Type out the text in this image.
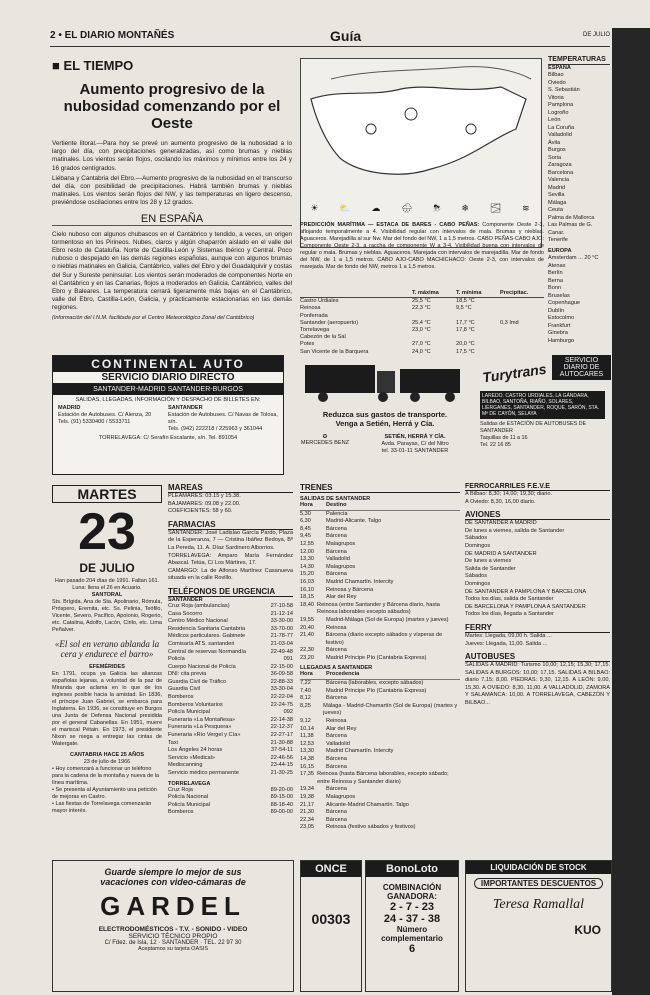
2 • EL DIARIO MONTAÑÉS	Guía	DE JULIO
■ EL TIEMPO
Aumento progresivo de la nubosidad comenzando por el Oeste

Vertiente litoral.—Para hoy se prevé un aumento progresivo de la nubosidad a lo largo del día, con precipitaciones generalizadas, así como brumas y nieblas matinales. Los vientos serán flojos, oscilando los máximos y mínimos entre los 24 y 16 grados centígrados.

Liébana y Cantabria del Ebro.—Aumento progresivo de la nubosidad en el transcurso del día, con posibilidad de precipitaciones. Habrá también brumas y nieblas matinales. Los vientos serán flojos del NW, y las temperaturas en ligero descenso, previéndose oscilaciones entre los 28 y 12 grados.

EN ESPAÑA

Cielo nuboso con algunos chubascos en el Cantábrico y tendido, a veces, un origen tormentoso en los Pirineos. Nubes, claros y algún chaparrón aislado en el valle del Ebro resto de Cataluña. Norte de Castilla-León y Sistemas Ibérico y Central. Poco nuboso o despejado en las demás regiones españolas, aunque con algunos brumas o nieblas matinales en Galicia, Cantábrico, valles del Ebro y del Guadalquivir y costas del Sur y Sureste peninsular. Los vientos serán moderados de componentes Norte en el Cantábrico y en las Canarias, flojos a moderados en Galicia, Cantábrico, valles del Ebro y Baleares. La temperatura cerrará ligeramente más bajas en el Cantábrico, valle del Ebro, Castilla-León, Galicia, y prácticamente estacionarias en las demás regiones.

(Información del I.N.M. facilitada por el Centro Meteorológico Zonal del Cantábrico)
☀ ⛅ ☁ 🌧 ⛈ ❄ 🌫 ≋
PREDICCIÓN MARÍTIMA — ESTACA DE BARES - CABO PEÑAS: Componente Oeste 2-3, aflojando temporalmente a 4. Visibilidad regular con intervalos de mala. Brumas y nieblas. Aguaceros. Marejadilla al sur Nw. Mar del fondo del NW, 1 a 1,5 metros. CABO PEÑAS-CABO AJO: Componente Oeste 2-3, a raccha de componente W a 3-4. Visibilidad buena con intervalos de regular o mala. Brumas y nieblas. Aguaceros. Marejada con intervalos de marejadilla. Mar de fondo del NW, de 1 a 1,5 metros. CABO AJO-CABO MACHICHACO: Oeste 2-3, con intervalos de marejada. Mar de fondo del NW, metros 1 a 1,5 metros.
T. máxima	T. mínima	Precipitac.
Castro Urdiales	25,5 °C	18,5 °C
Reinosa	22,3 °C	9,5 °C
Ponferrada
Santander (aeropuerto)	25,4 °C	17,7 °C	0,3 Imd
Torrelavega	23,0 °C	17,8 °C
Cabezón de la Sal
Potes	27,0 °C	20,0 °C
San Vicente de la Barquera	24,0 °C	17,5 °C
TEMPERATURAS
ESPAÑA
Bilbao
Oviedo
S. Sebastián
Vitoria
Pamplona
Logroño
León
La Coruña
Valladolid
Ávila
Burgos
Soria
Zaragoza
Barcelona
Valencia
Madrid
Sevilla
Málaga
Ceuta
Palma de Mallorca
Las Palmas de G. Canar.
Tenerife
EUROPA
Amsterdam ... 20 °C
Atenas
Berlín
Berna
Bonn
Bruselas
Copenhague
Dublín
Estocolmo
Frankfurt
Ginebra
Hamburgo
CONTINENTAL AUTO
SERVICIO DIARIO DIRECTO
SANTANDER-MADRID SANTANDER-BURGOS
SALIDAS, LLEGADAS, INFORMACIÓN Y DESPACHO DE BILLETES EN:
MADRID
Estación de Autobuses. C/ Alenza, 20
Tels. (91) 5330400 / 5533711
SANTANDER
Estación de Autobuses. C/ Navas de Tolosa, s/n.
Tels. (942) 222218 / 225963 y 361044
TORRELAVEGA: C/ Serafín Escalante, s/n. Tel. 891054
Reduzca sus gastos de transporte.
Venga a Setién, Herrá y Cía.
✪
MERCEDES BENZ
SETIÉN, HERRÁ Y CÍA.
Avda. Parayas, C/ del Nitro
tel. 33-01-11 SANTANDER
Turytrans
SERVICIO DIARIO DE AUTOCARES
LAREDO. CASTRO URDIALES, LA GÁNDARA, BILBAO, SANTOÑA, RIAÑO, SOLARES, LIÉRGANES, SANTANDER, ROQUE, SARÓN, STA. Mª DE CAYÓN, SELAYA
Salidas de ESTACIÓN DE AUTOBUSES DE SANTANDER
Taquillas de 11 a 16
Tel. 22 16 85
MARTES
23
DE JULIO
Han pasado 204 días de 1991. Faltan 161. Luna: llena el 26 en Acuario.
SANTORAL
Sts. Brígida, Ana de Sta. Apolinario, Rómula, Próspero, Eremita, etc. Ss. Pelinia, Teófilo, Vicente, Severo, Pacífico, Apolonio, Rogerio, etc. Catalina, Adolfo, Lacón, Cirilo, etc. Lima Peñalver.
«El sol en verano ablanda la cera y endurece el barro»
EFEMÉRIDES
En 1791, ocupa ya Galicia las alianzas españolas lejanas, a voluntad de la paz de Miranda que aclama en lo que de los ingleses posible hacia la amistad. En 1836, el príncipe Juan Gabriel, se embarca para Inglaterra. En 1936, se constituye en Burgos una Junta de Defensa Nacional presidida por el general Cabanellas. En 1951, muere el mariscal Pétain. En 1973, el presidente Nixon se niega a entregar las cintas de Watergate.
CANTABRIA HACE 25 AÑOS
23 de julio de 1966
• Hoy comenzará a funcionar un teléfono para la cadena de la montaña y nueva de la línea marítima.
• Se presenta al Ayuntamiento una petición de mejoras en Castro.
• Las fiestas de Torrelavega comenzarán mayor interés.
MAREAS
PLEAMARES: 03.15 y 15.38.
BAJAMARES: 09.08 y 22.00.
COEFICIENTES: 58 y 60.
FARMACIAS
SANTANDER: José Ladislao García Pardo, Plaza de la Esperanza, 7 — Cristina Ibáñez Bedoya, Bº La Pereda, 11. A. Díaz Sardinero Alborrios.
TORRELAVEGA: Amparo María Fernández Abascal. Tetúa, C/ Los Mártires, 17.
CAMARGO: La de Alfonso Martínez Casanueva situada en la calle Rovillo.
TELÉFONOS DE URGENCIA
SANTANDER
Cruz Roja (ambulancias)	27-10-58
Casa Socorro	21-12-14
Centro Médico Nacional	33-30-00
Residencia Sanitaria Cantabria	33-70-00
Médicos particulares. Gabinete	21-78-77
Comisaría ATS. santanderi	21-03-04
Central de reservas Normandía	22-49-48
Policía	091
Cuerpo Nacional de Policía	22-15-00
DNI: cita previa	36-09-58
Guardia Civil de Tráfico	22-88-33
Guardia Civil	33-30-04
Bomberos	22-22-04
Bomberos Voluntarios	22-24-75
Policía Municipal	092
Funeraria «La Montañesa»	22-14-38
Funeraria «La Pesquera»	22-12-37
Funeraria «Río Vergel y Cía»	22-27-17
Taxi	21-30-88
Los Ángeles 24 horas	37-54-11
Servicio «Medical»	22-46-56
Mediscanning	23-44-15
Servicio médico permanente	21-30-25
TORRELAVEGA
Cruz Roja	89-20-00
Policía Nacional	89-15-00
Policía Municipal	88-18-40
Bomberos	89-00-00
TRENES
SALIDAS DE SANTANDER
Hora	Destino
5,30	Palencia
6,30	Madrid-Alicante. Talgo
8,45	Bárcena
9,45	Bárcena
12,55	Malagrupos
12,00	Bárcena
13,30	Valladolid
14,30	Malagrupos
15,20	Bárcena
16,03	Madrid Chamartín. Intercity
16,10	Reinosa y Bárcena
18,15	Alar del Rey
18,40 Reinosa (entre Santander y Bárcena diario, hasta Reinosa laborables excepto sábados)
19,55	Madrid-Málaga (Sol de Europa) (martes y jueves)
20,40	Reinosa
21,40	Bárcena (diario excepto sábados y vísperas de festivo)
22,30	Bárcena
23,20	Madrid Príncipe Pío (Cantabria Express)
LLEGADAS A SANTANDER
Hora	Procedencia
7,22	Bárcena (laborables, excepto sábados)
7,40	Madrid Príncipe Pío (Cantabria Express)
8,12	Bárcena
8,25	Málaga - Madrid-Chamartín (Sol de Europa) (martes y jueves)
9,12	Reinosa
10,14	Alar del Rey
11,38	Bárcena
12,53	Valladolid
13,30	Madrid Chamartín. Intercity
14,38	Bárcena
16,15	Bárcena
17,35 Reinosa (hasta Bárcena laborables, excepto sábado; entre Reinosa y Santander diario)
19,34	Bárcena
19,38	Malagrupos
21,17	Alicante-Madrid Chamartín. Talgo
21,30	Bárcena
22,34	Bárcena
23,05	Reinosa (festivo sábados y festivos)
FERROCARRILES F.E.V.E
A Bilbao: 8,30; 14,00; 19,30; diario.
A Oviedo: 8,30, 16,00 diario.
AVIONES
DE SANTANDER A MADRID
De lunes a viernes, salida de Santander
Sábados
Domingos
DE MADRID A SANTANDER
De lunes a viernes
Salida de Santander
Sábados
Domingos
DE SANTANDER A PAMPLONA Y BARCELONA
Todos los días, salida de Santander
DE BARCELONA Y PAMPLONA A SANTANDER
Todos los días, llegada a Santander
FERRY
Martes: Llegada, 09,00 h. Salida ...
Jueves: Llegada, 11,00. Salida ...
AUTOBUSES
SALIDAS A MADRID: Turismo 10,00; 12,15; 15,30; 17,15. SALIDAS A BURGOS: 10,00; 17,15. SALIDAS A BILBAO: diario 7,15; 8,00. PIEDRAS: 9,30, 12,15. A LEÓN: 9,00, 15,30. A OVIEDO: 8,30, 11,00. A VALLADOLID, ZAMORA Y SALAMANCA: 10,00. A TORRELAVEGA, CABEZÓN Y BILBAO...
Guarde siempre lo mejor de sus
vacaciones con video-cámaras de
GARDEL
ELECTRODOMÉSTICOS - T.V. - SONIDO - VIDEO
SERVICIO TÉCNICO PROPIO
C/ Fdez. de Isla, 12 · SANTANDER · TEL. 22 97 30
Aceptamos su tarjeta OASIS
ONCE
00303
BonoLoto
COMBINACIÓN GANADORA:
2 - 7 - 23
24 - 37 - 38
Número complementario
6
LIQUIDACIÓN DE STOCK
IMPORTANTES DESCUENTOS
Teresa Ramallal
KUO
